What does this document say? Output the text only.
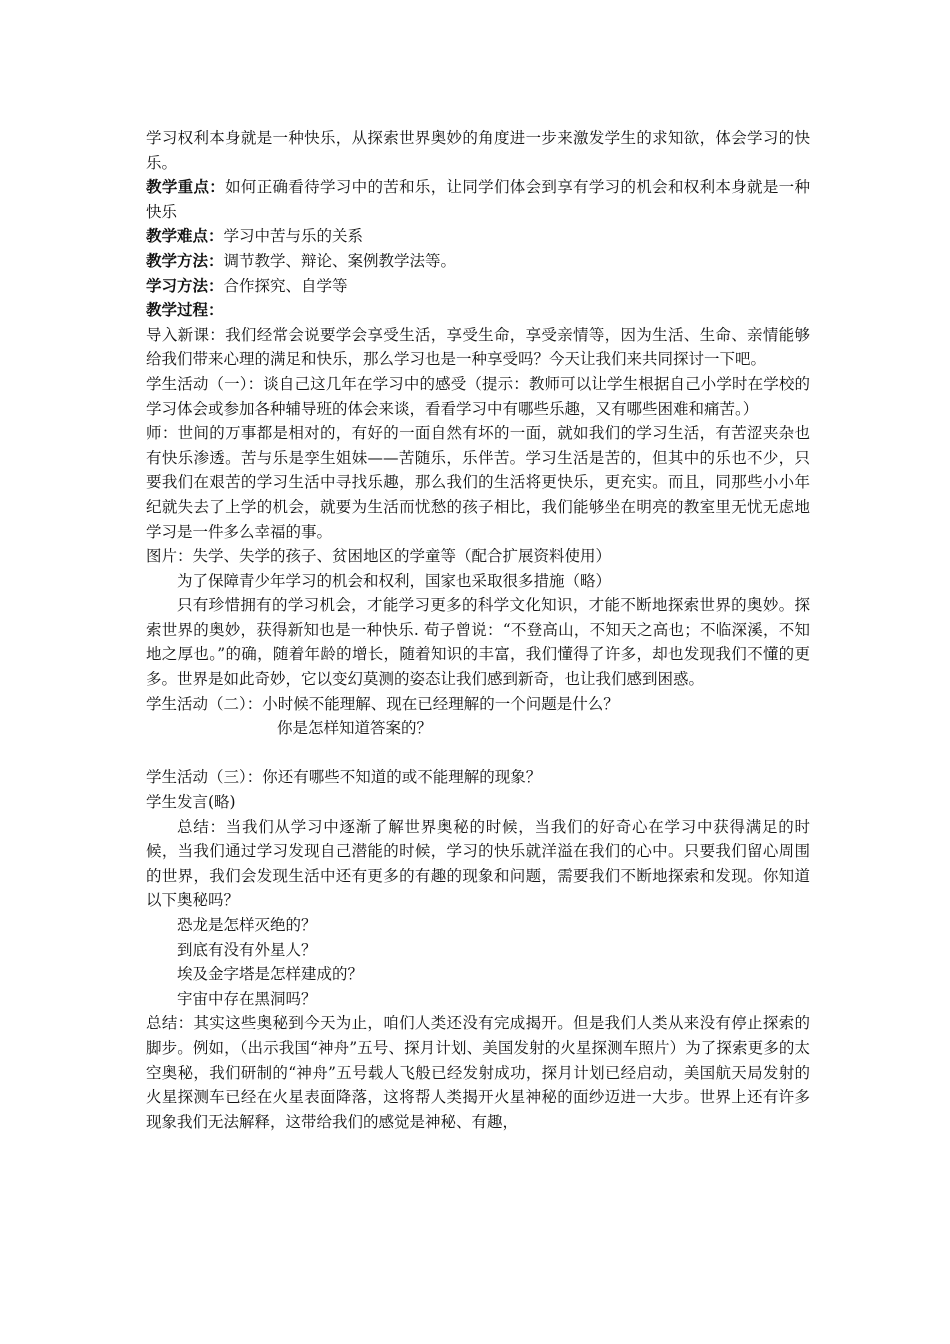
学习权利本身就是一种快乐，从探索世界奥妙的角度进一步来激发学生的求知欲，体会学习的快乐。

教学重点：如何正确看待学习中的苦和乐，让同学们体会到享有学习的机会和权利本身就是一种快乐

教学难点：学习中苦与乐的关系

教学方法：调节教学、辩论、案例教学法等。

学习方法：合作探究、自学等

教学过程：

导入新课：我们经常会说要学会享受生活，享受生命，享受亲情等，因为生活、生命、亲情能够给我们带来心理的满足和快乐，那么学习也是一种享受吗？今天让我们来共同探讨一下吧。

学生活动（一）：谈自己这几年在学习中的感受（提示：教师可以让学生根据自己小学时在学校的学习体会或参加各种辅导班的体会来谈，看看学习中有哪些乐趣，又有哪些困难和痛苦。）

师：世间的万事都是相对的，有好的一面自然有坏的一面，就如我们的学习生活，有苦涩夹杂也有快乐渗透。苦与乐是孪生姐妹——苦随乐，乐伴苦。学习生活是苦的，但其中的乐也不少，只要我们在艰苦的学习生活中寻找乐趣，那么我们的生活将更快乐，更充实。而且，同那些小小年纪就失去了上学的机会，就要为生活而忧愁的孩子相比，我们能够坐在明亮的教室里无忧无虑地学习是一件多么幸福的事。

图片：失学、失学的孩子、贫困地区的学童等（配合扩展资料使用）

为了保障青少年学习的机会和权利，国家也采取很多措施（略）

只有珍惜拥有的学习机会，才能学习更多的科学文化知识，才能不断地探索世界的奥妙。探索世界的奥妙，获得新知也是一种快乐. 荀子曾说：“不登高山，不知天之高也；不临深溪，不知地之厚也。”的确，随着年龄的增长，随着知识的丰富，我们懂得了许多，却也发现我们不懂的更多。世界是如此奇妙，它以变幻莫测的姿态让我们感到新奇，也让我们感到困惑。

学生活动（二）：小时候不能理解、现在已经理解的一个问题是什么？

你是怎样知道答案的？

学生活动（三）：你还有哪些不知道的或不能理解的现象？

学生发言(略)

总结：当我们从学习中逐渐了解世界奥秘的时候，当我们的好奇心在学习中获得满足的时候，当我们通过学习发现自己潜能的时候，学习的快乐就洋溢在我们的心中。只要我们留心周围的世界，我们会发现生活中还有更多的有趣的现象和问题，需要我们不断地探索和发现。你知道以下奥秘吗？

恐龙是怎样灭绝的？

到底有没有外星人？

埃及金字塔是怎样建成的？

宇宙中存在黑洞吗？

总结：其实这些奥秘到今天为止，咱们人类还没有完成揭开。但是我们人类从来没有停止探索的脚步。例如，（出示我国“神舟”五号、探月计划、美国发射的火星探测车照片）为了探索更多的太空奥秘，我们研制的“神舟”五号载人飞般已经发射成功，探月计划已经启动，美国航天局发射的火星探测车已经在火星表面降落，这将帮人类揭开火星神秘的面纱迈进一大步。世界上还有许多现象我们无法解释，这带给我们的感觉是神秘、有趣，
